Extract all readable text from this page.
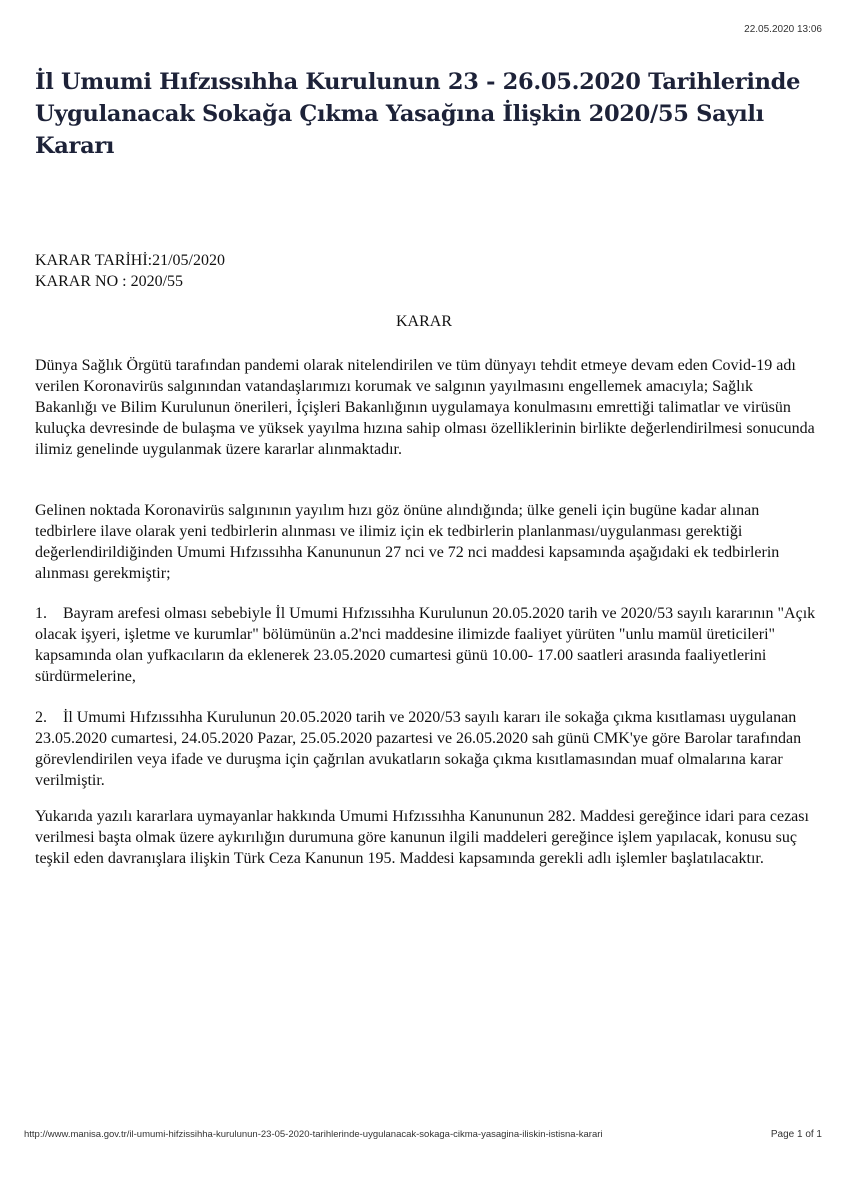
22.05.2020 13:06
İl Umumi Hıfzıssıhha Kurulunun 23 - 26.05.2020 Tarihlerinde Uygulanacak Sokağa Çıkma Yasağına İlişkin 2020/55 Sayılı Kararı
KARAR TARİHİ:21/05/2020
KARAR NO : 2020/55
KARAR

Dünya Sağlık Örgütü tarafından pandemi olarak nitelendirilen ve tüm dünyayı tehdit etmeye devam eden Covid-19 adı verilen Koronavirüs salgınından vatandaşlarımızı korumak ve salgının yayılmasını engellemek amacıyla; Sağlık Bakanlığı ve Bilim Kurulunun önerileri, İçişleri Bakanlığının uygulamaya konulmasını emrettiği talimatlar ve virüsün kuluçka devresinde de bulaşma ve yüksek yayılma hızına sahip olması özelliklerinin birlikte değerlendirilmesi sonucunda ilimiz genelinde uygulanmak üzere kararlar alınmaktadır.

Gelinen noktada Koronavirüs salgınının yayılım hızı göz önüne alındığında; ülke geneli için bugüne kadar alınan tedbirlere ilave olarak yeni tedbirlerin alınması ve ilimiz için ek tedbirlerin planlanması/uygulanması gerektiği değerlendirildiğinden Umumi Hıfzıssıhha Kanununun 27 nci ve 72 nci maddesi kapsamında aşağıdaki ek tedbirlerin alınması gerekmiştir;

1.    Bayram arefesi olması sebebiyle İl Umumi Hıfzıssıhha Kurulunun 20.05.2020 tarih ve 2020/53 sayılı kararının "Açık olacak işyeri, işletme ve kurumlar" bölümünün a.2'nci maddesine ilimizde faaliyet yürüten "unlu mamül üreticileri" kapsamında olan yufkacıların da eklenerek 23.05.2020 cumartesi günü 10.00- 17.00 saatleri arasında faaliyetlerini sürdürmelerine,

2.    İl Umumi Hıfzıssıhha Kurulunun 20.05.2020 tarih ve 2020/53 sayılı kararı ile sokağa çıkma kısıtlaması uygulanan 23.05.2020 cumartesi, 24.05.2020 Pazar, 25.05.2020 pazartesi ve 26.05.2020 sah günü CMK'ye göre Barolar tarafından görevlendirilen veya ifade ve duruşma için çağrılan avukatların sokağa çıkma kısıtlamasından muaf olmalarına karar verilmiştir.

Yukarıda yazılı kararlara uymayanlar hakkında Umumi Hıfzıssıhha Kanununun 282. Maddesi gereğince idari para cezası verilmesi başta olmak üzere aykırılığın durumuna göre kanunun ilgili maddeleri gereğince işlem yapılacak, konusu suç teşkil eden davranışlara ilişkin Türk Ceza Kanunun 195. Maddesi kapsamında gerekli adlı işlemler başlatılacaktır.

http://www.manisa.gov.tr/il-umumi-hifzissihha-kurulunun-23-05-2020-tarihlerinde-uygulanacak-sokaga-cikma-yasagina-iliskin-istisna-karari	Page 1 of 1
